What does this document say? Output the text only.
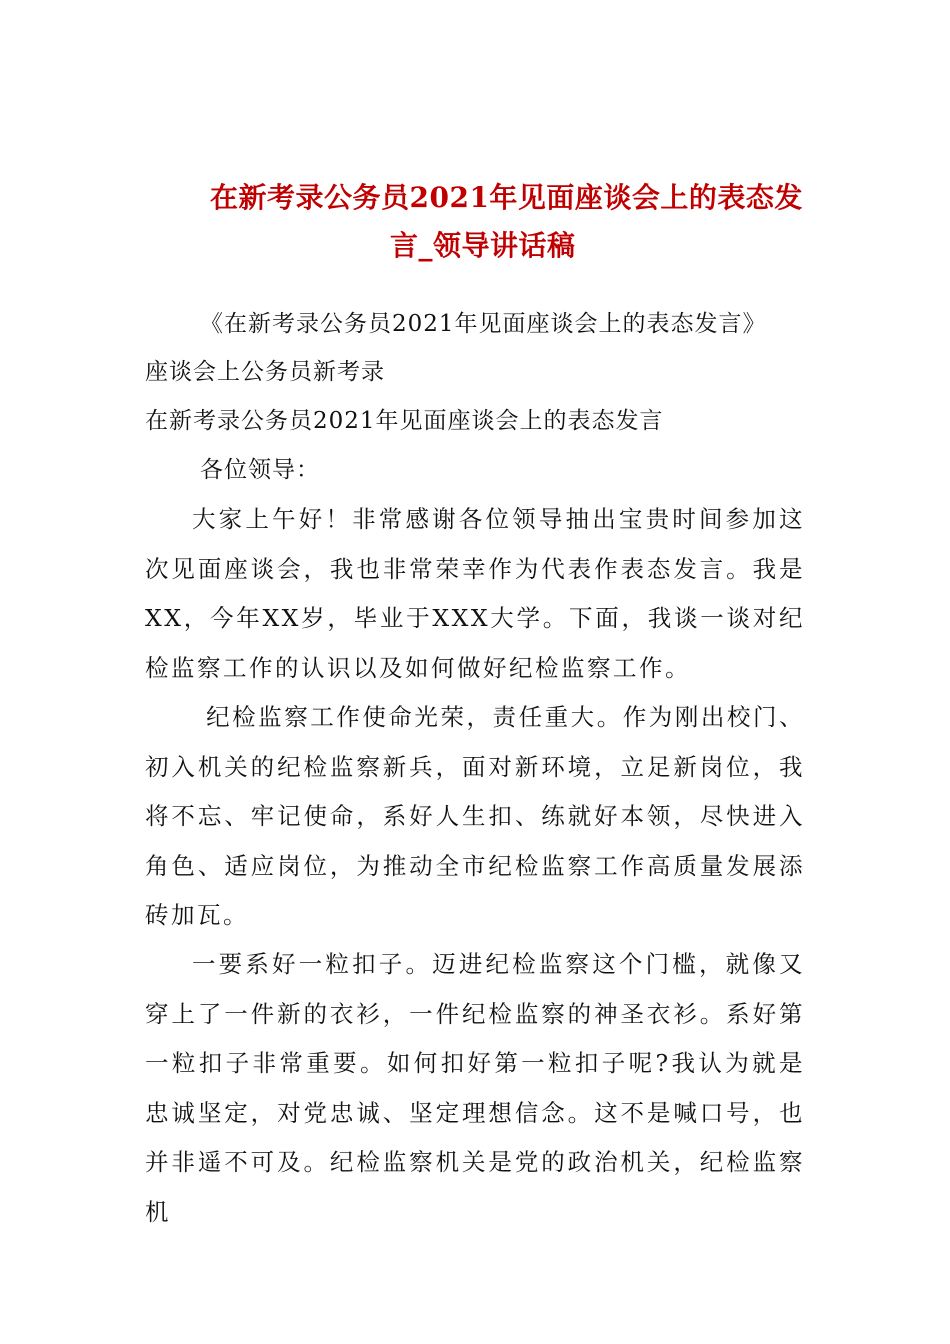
在新考录公务员2021年见面座谈会上的表态发
言_领导讲话稿
《在新考录公务员2021年见面座谈会上的表态发言》
座谈会上公务员新考录
在新考录公务员2021年见面座谈会上的表态发言
各位领导：
大家上午好！非常感谢各位领导抽出宝贵时间参加这次见面座谈会，我也非常荣幸作为代表作表态发言。我是XX，今年XX岁，毕业于XXX大学。下面，我谈一谈对纪检监察工作的认识以及如何做好纪检监察工作。
纪检监察工作使命光荣，责任重大。作为刚出校门、初入机关的纪检监察新兵，面对新环境，立足新岗位，我将不忘、牢记使命，系好人生扣、练就好本领，尽快进入角色、适应岗位，为推动全市纪检监察工作高质量发展添砖加瓦。
一要系好一粒扣子。迈进纪检监察这个门槛，就像又穿上了一件新的衣衫，一件纪检监察的神圣衣衫。系好第一粒扣子非常重要。如何扣好第一粒扣子呢?我认为就是忠诚坚定，对党忠诚、坚定理想信念。这不是喊口号，也并非遥不可及。纪检监察机关是党的政治机关，纪检监察机
